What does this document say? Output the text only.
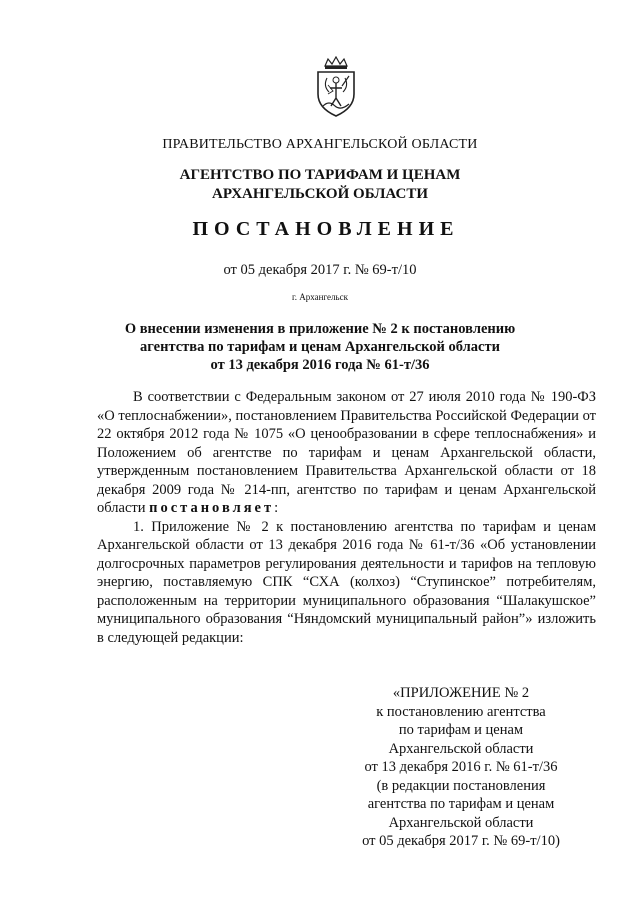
ПРАВИТЕЛЬСТВО АРХАНГЕЛЬСКОЙ ОБЛАСТИ
АГЕНТСТВО ПО ТАРИФАМ И ЦЕНАМ
АРХАНГЕЛЬСКОЙ ОБЛАСТИ
ПОСТАНОВЛЕНИЕ
от 05 декабря 2017 г. № 69-т/10
г. Архангельск
О внесении изменения в приложение № 2 к постановлению
агентства по тарифам и ценам Архангельской области
от 13 декабря 2016 года № 61-т/36

В соответствии с Федеральным законом от 27 июля 2010 года № 190-ФЗ «О теплоснабжении», постановлением Правительства Российской Федерации от 22 октября 2012 года № 1075 «О ценообразовании в сфере теплоснабжения» и Положением об агентстве по тарифам и ценам Архангельской области, утвержденным постановлением Правительства Архангельской области от 18 декабря 2009 года № 214-пп, агентство по тарифам и ценам Архангельской области постановляет:

1. Приложение № 2 к постановлению агентства по тарифам и ценам Архангельской области от 13 декабря 2016 года № 61-т/36 «Об установлении долгосрочных параметров регулирования деятельности и тарифов на тепловую энергию, поставляемую СПК “СХА (колхоз) “Ступинское” потребителям, расположенным на территории муниципального образования “Шалакушское” муниципального образования “Няндомский муниципальный район”» изложить в следующей редакции:

«ПРИЛОЖЕНИЕ № 2
к постановлению агентства
по тарифам и ценам
Архангельской области
от 13 декабря 2016 г. № 61-т/36
(в редакции постановления
агентства по тарифам и ценам
Архангельской области
от 05 декабря 2017 г. № 69-т/10)
